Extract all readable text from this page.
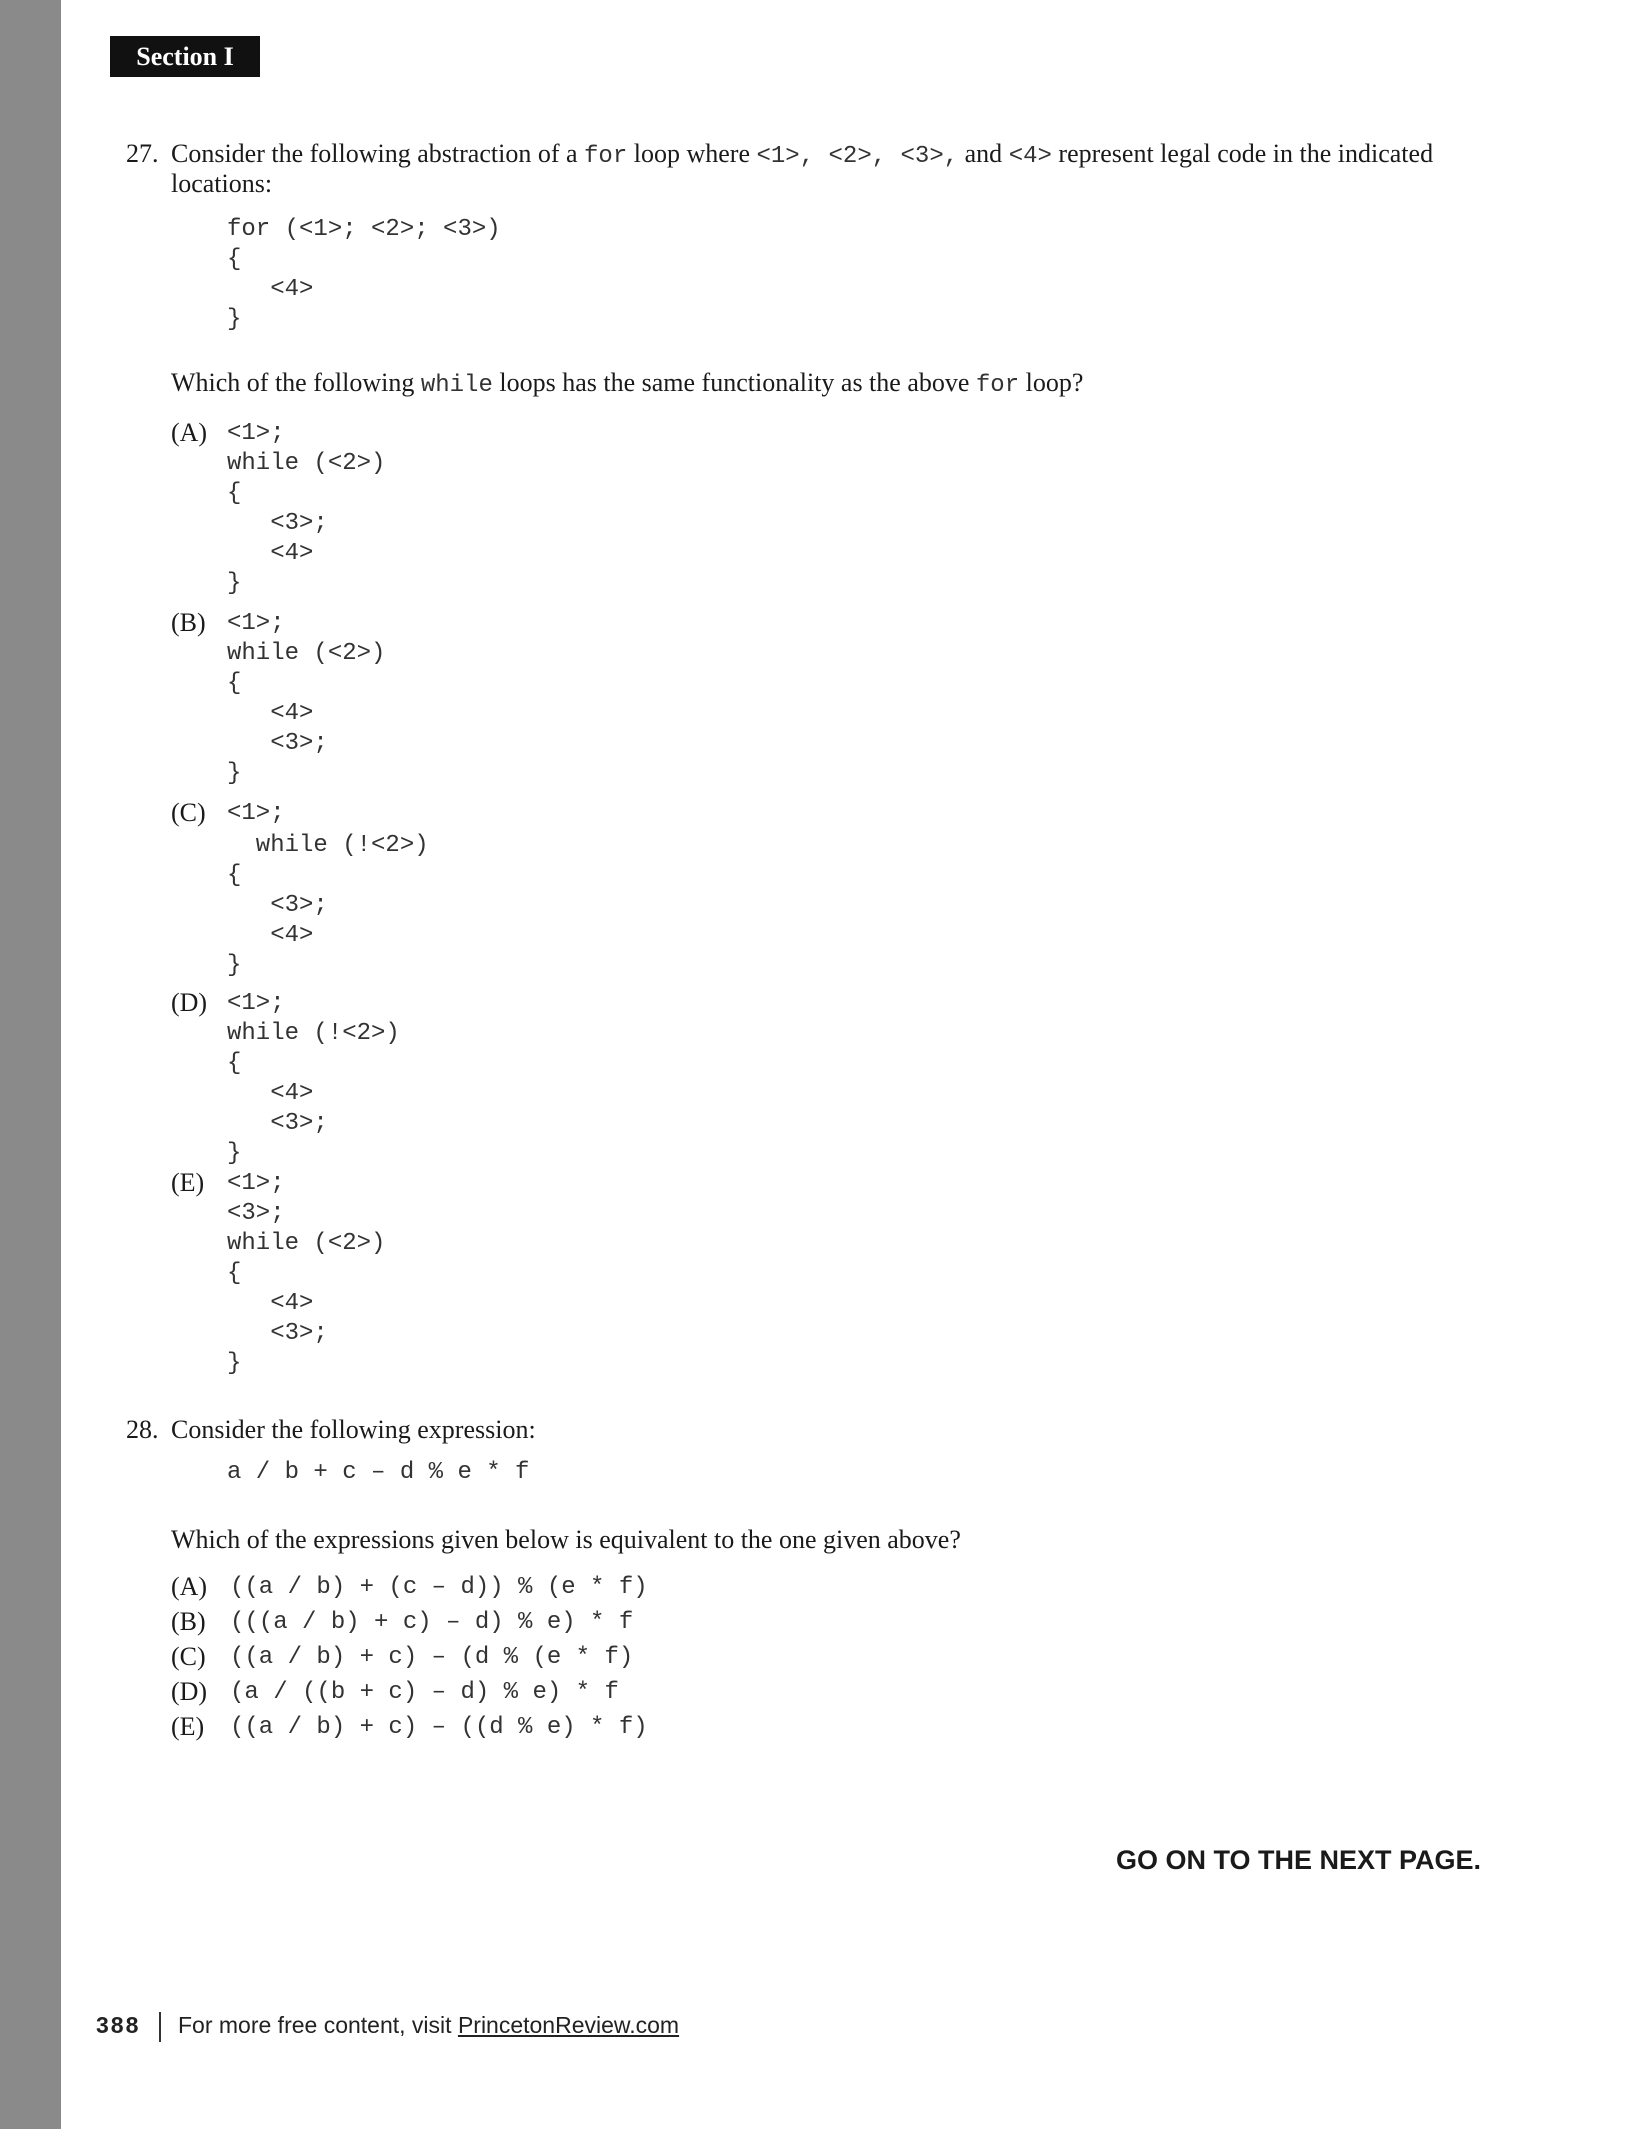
Section I
27. Consider the following abstraction of a for loop where <1>, <2>, <3>, and <4> represent legal code in the indicated
locations:
for (<1>; <2>; <3>)
{
<4>
}
Which of the following while loops has the same functionality as the above for loop?
(A) <1>;
while (<2>)
{
<3>;
<4>
}
(B) <1>;
while (<2>)
{
<4>
<3>;
}
(C) <1>;
while (!<2>)
{
<3>;
<4>
}
(D) <1>;
while (!<2>)
{
<4>
<3>;
}
(E) <1>;
<3>;
while (<2>)
{
<4>
<3>;
}
28. Consider the following expression:
a / b + c – d % e * f
Which of the expressions given below is equivalent to the one given above?
(A) ((a / b) + (c – d)) % (e * f)
(B) (((a / b) + c) – d) % e) * f
(C) ((a / b) + c) – (d % (e * f)
(D) (a / ((b + c) – d) % e) * f
(E) ((a / b) + c) – ((d % e) * f)
GO ON TO THE NEXT PAGE.
388 For more free content, visit PrincetonReview.com
